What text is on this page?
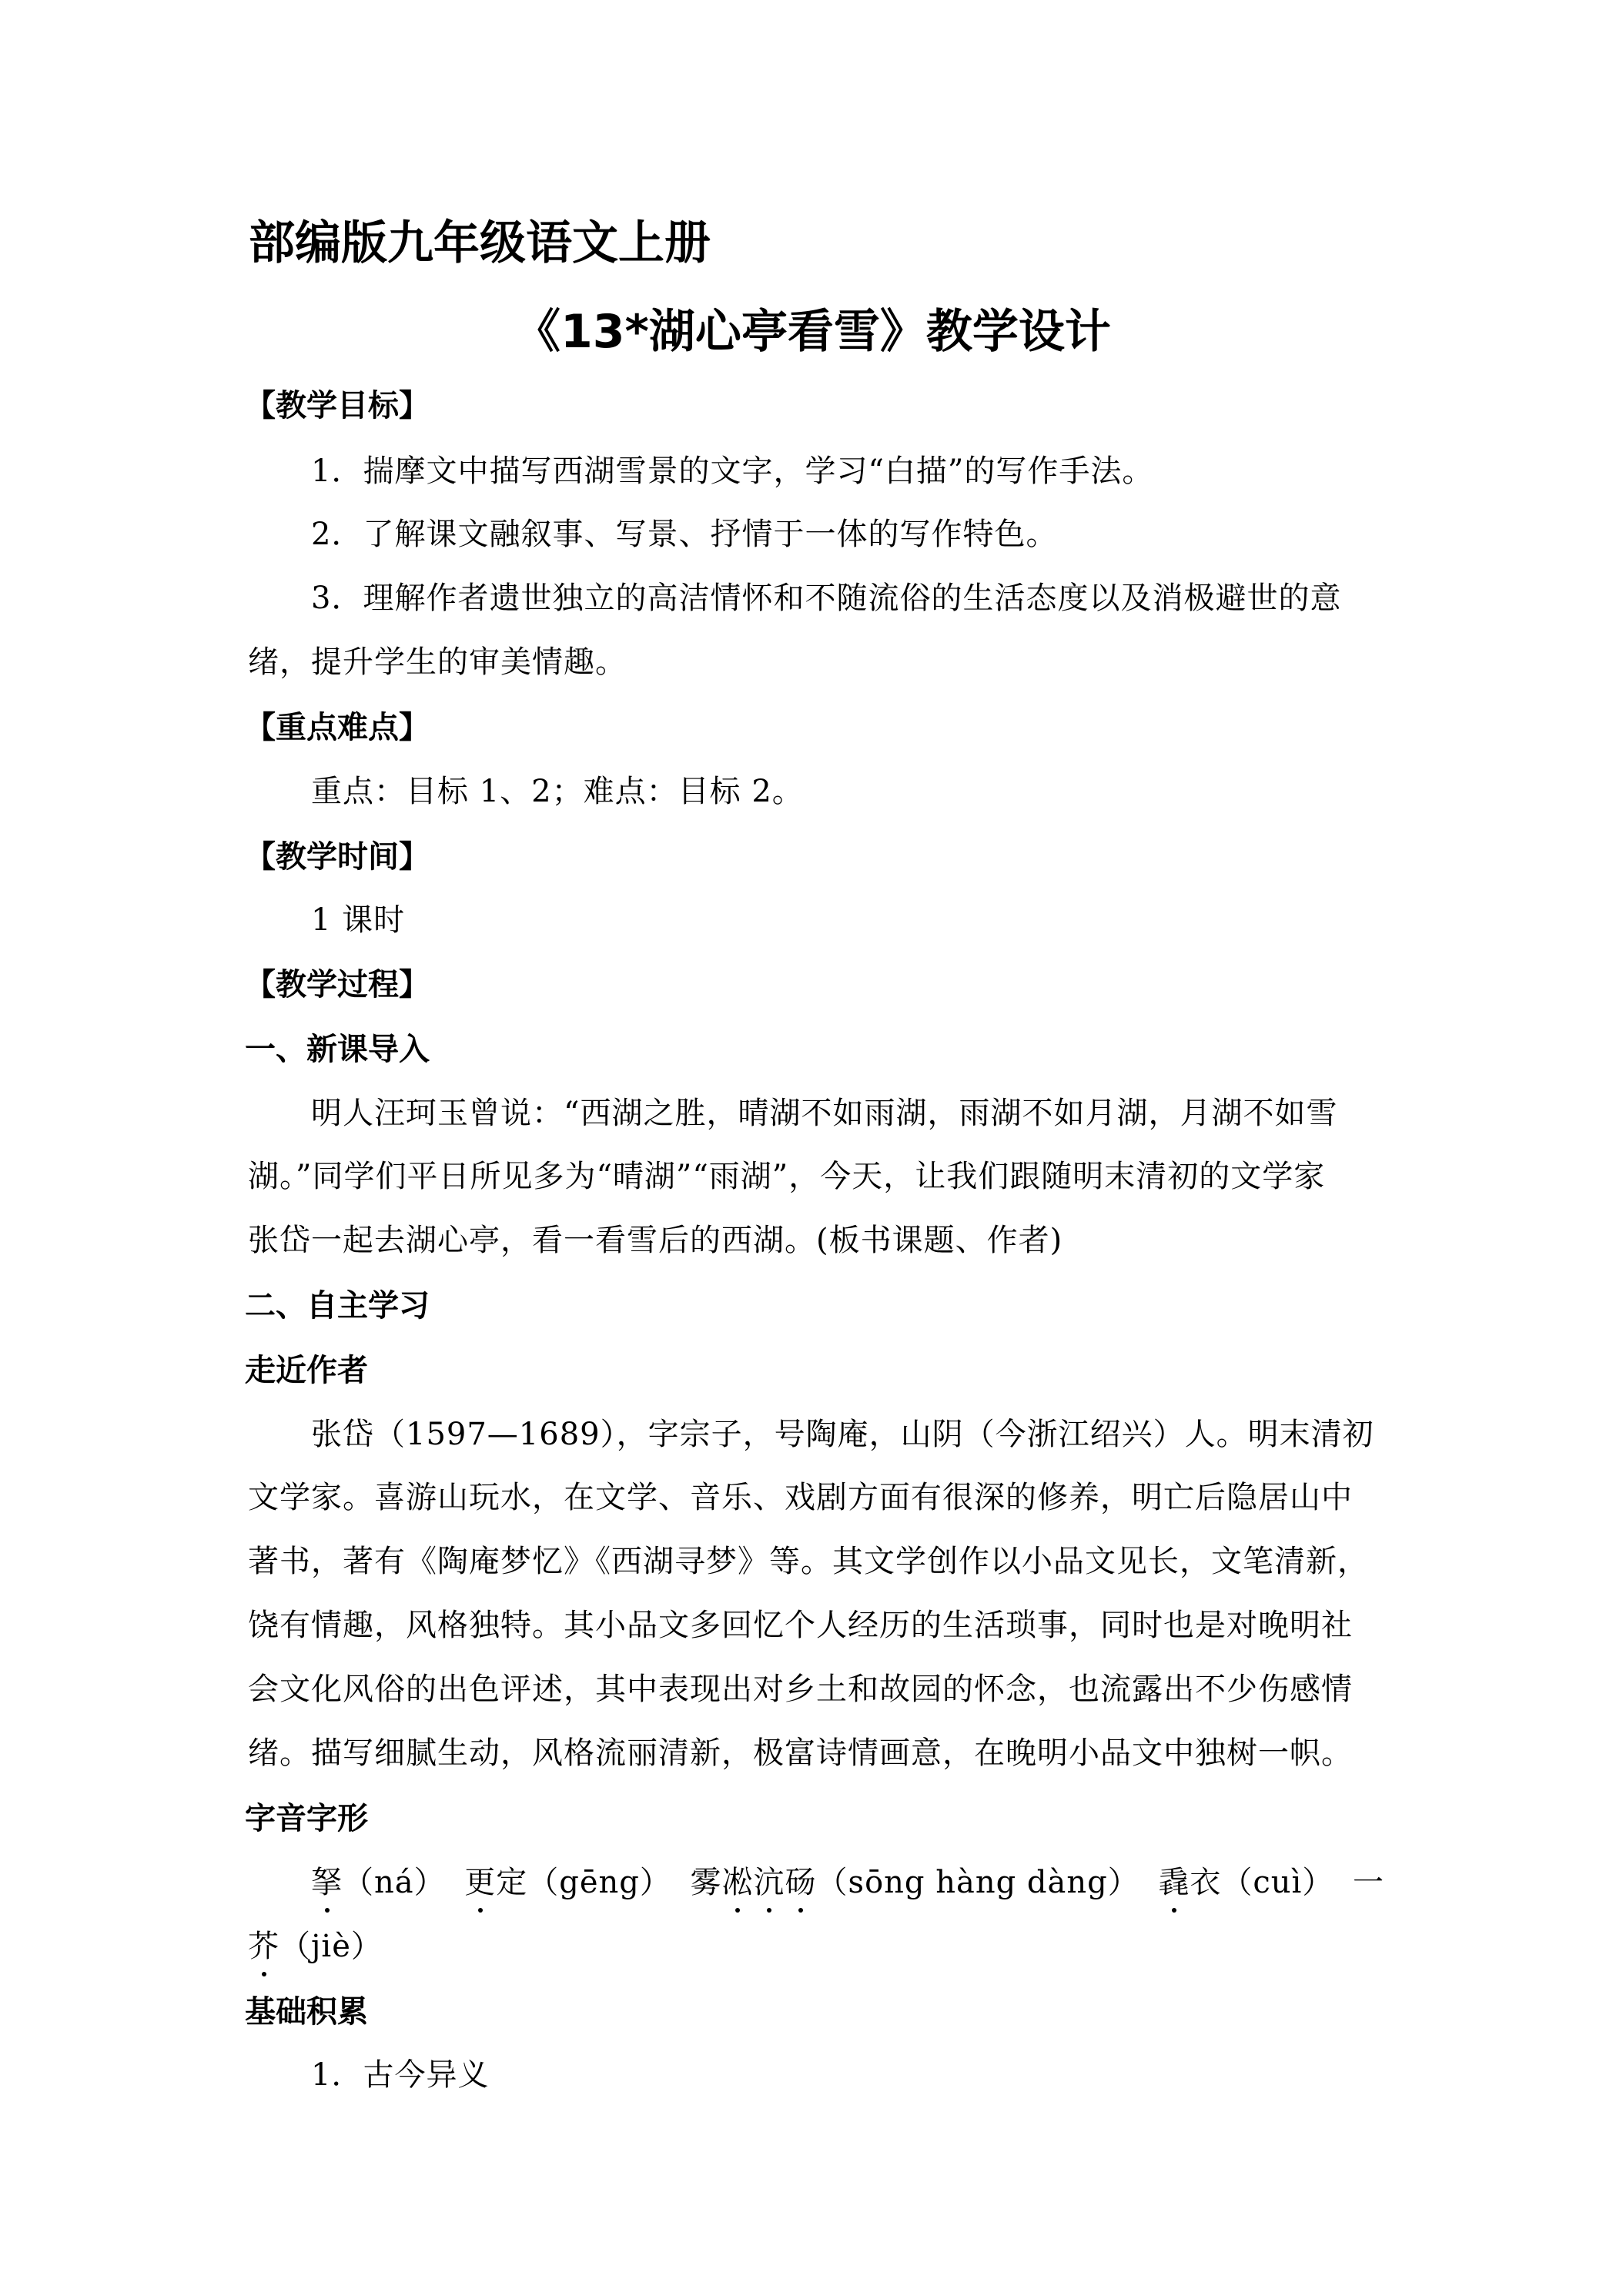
部编版九年级语文上册
《13*湖心亭看雪》教学设计
【教学目标】
1．揣摩文中描写西湖雪景的文字，学习“白描”的写作手法。
2．了解课文融叙事、写景、抒情于一体的写作特色。
3．理解作者遗世独立的高洁情怀和不随流俗的生活态度以及消极避世的意
绪，提升学生的审美情趣。
【重点难点】
重点：目标 1、2；难点：目标 2。
【教学时间】
1 课时
【教学过程】
一、新课导入
明人汪珂玉曾说：“西湖之胜，晴湖不如雨湖，雨湖不如月湖，月湖不如雪
湖。”同学们平日所见多为“晴湖”“雨湖”，今天，让我们跟随明末清初的文学家
张岱一起去湖心亭，看一看雪后的西湖。(板书课题、作者)
二、自主学习
走近作者
张岱（1597—1689），字宗子，号陶庵，山阴（今浙江绍兴）人。明末清初
文学家。喜游山玩水，在文学、音乐、戏剧方面有很深的修养，明亡后隐居山中
著书，著有《陶庵梦忆》《西湖寻梦》等。其文学创作以小品文见长，文笔清新，
饶有情趣，风格独特。其小品文多回忆个人经历的生活琐事，同时也是对晚明社
会文化风俗的出色评述，其中表现出对乡土和故园的怀念，也流露出不少伤感情
绪。描写细腻生动，风格流丽清新，极富诗情画意，在晚明小品文中独树一帜。
字音字形
拏（ná） 更定（gēng） 雾凇沆砀（sōng hàng dàng） 毳衣（cuì） 一
芥（jiè）
基础积累
1．古今异义
